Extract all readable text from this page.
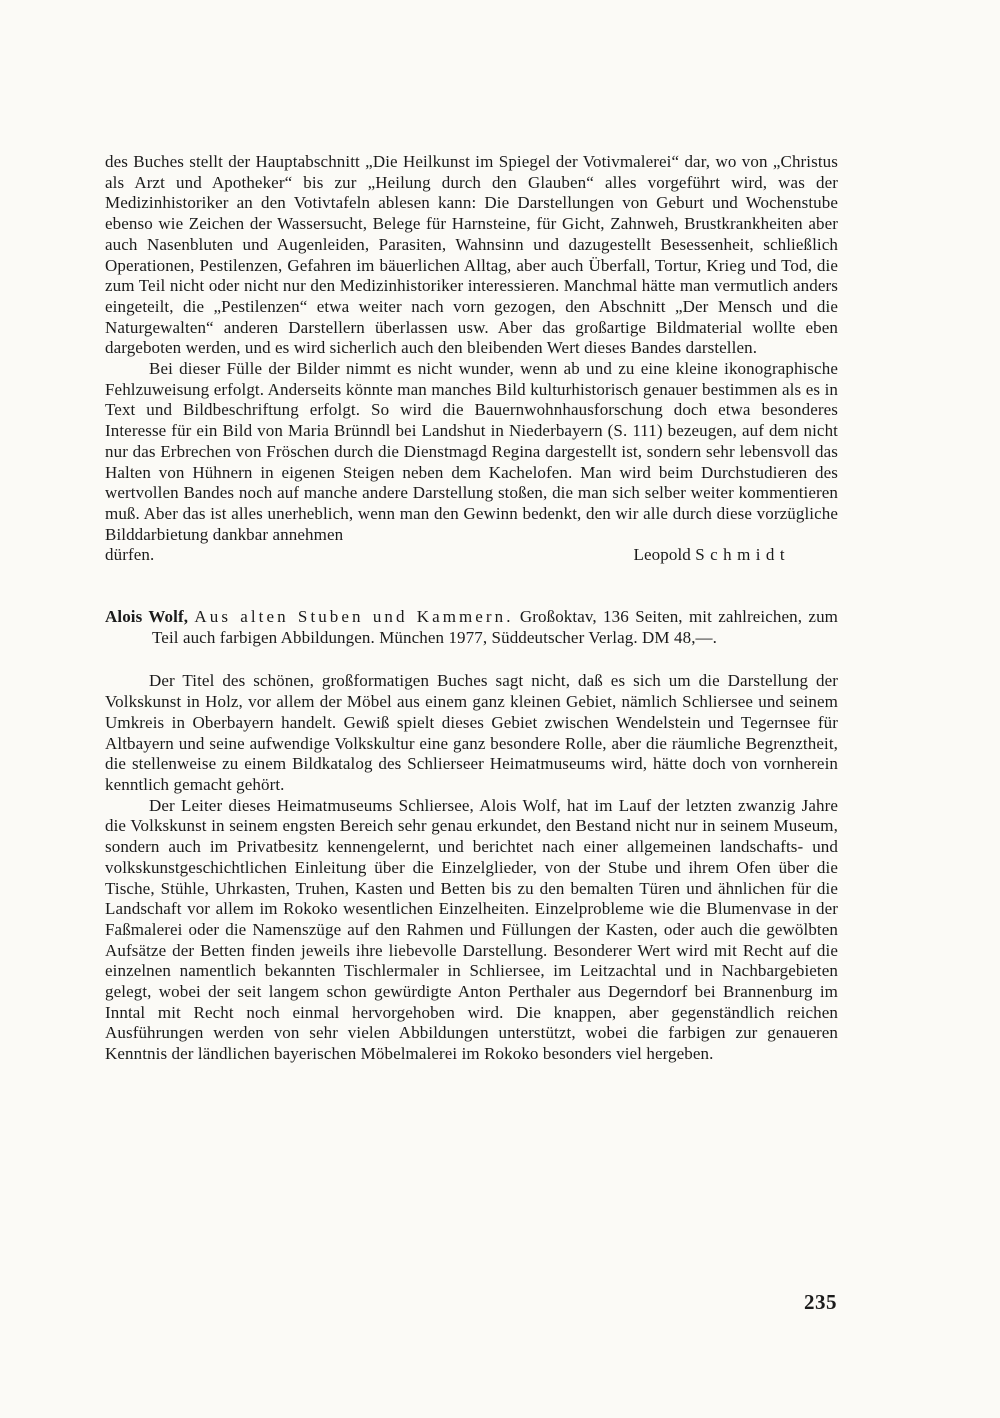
des Buches stellt der Hauptabschnitt „Die Heilkunst im Spiegel der Votivmalerei“ dar, wo von „Christus als Arzt und Apotheker“ bis zur „Heilung durch den Glauben“ alles vorgeführt wird, was der Medizinhistoriker an den Votivtafeln ablesen kann: Die Darstellungen von Geburt und Wochenstube ebenso wie Zeichen der Wassersucht, Belege für Harnsteine, für Gicht, Zahnweh, Brustkrankheiten aber auch Nasenbluten und Augenleiden, Parasiten, Wahnsinn und dazugestellt Besessenheit, schließlich Operationen, Pestilenzen, Gefahren im bäuerlichen Alltag, aber auch Überfall, Tortur, Krieg und Tod, die zum Teil nicht oder nicht nur den Medizinhistoriker interessieren. Manchmal hätte man vermutlich anders eingeteilt, die „Pestilenzen“ etwa weiter nach vorn gezogen, den Abschnitt „Der Mensch und die Naturgewalten“ anderen Darstellern überlassen usw. Aber das großartige Bildmaterial wollte eben dargeboten werden, und es wird sicherlich auch den bleibenden Wert dieses Bandes darstellen.

Bei dieser Fülle der Bilder nimmt es nicht wunder, wenn ab und zu eine kleine ikonographische Fehlzuweisung erfolgt. Anderseits könnte man manches Bild kulturhistorisch genauer bestimmen als es in Text und Bildbeschriftung erfolgt. So wird die Bauernwohnhausforschung doch etwa besonderes Interesse für ein Bild von Maria Brünndl bei Landshut in Niederbayern (S. 111) bezeugen, auf dem nicht nur das Erbrechen von Fröschen durch die Dienstmagd Regina dargestellt ist, sondern sehr lebensvoll das Halten von Hühnern in eigenen Steigen neben dem Kachelofen. Man wird beim Durchstudieren des wertvollen Bandes noch auf manche andere Darstellung stoßen, die man sich selber weiter kommentieren muß. Aber das ist alles unerheblich, wenn man den Gewinn bedenkt, den wir alle durch diese vorzügliche Bilddarbietung dankbar annehmen

dürfen.	Leopold Schmidt

Alois Wolf, Aus alten Stuben und Kammern. Großoktav, 136 Seiten, mit zahlreichen, zum Teil auch farbigen Abbildungen. München 1977, Süddeutscher Verlag. DM 48,—.

Der Titel des schönen, großformatigen Buches sagt nicht, daß es sich um die Darstellung der Volkskunst in Holz, vor allem der Möbel aus einem ganz kleinen Gebiet, nämlich Schliersee und seinem Umkreis in Oberbayern handelt. Gewiß spielt dieses Gebiet zwischen Wendelstein und Tegernsee für Altbayern und seine aufwendige Volkskultur eine ganz besondere Rolle, aber die räumliche Begrenztheit, die stellenweise zu einem Bildkatalog des Schlierseer Heimatmuseums wird, hätte doch von vornherein kenntlich gemacht gehört.

Der Leiter dieses Heimatmuseums Schliersee, Alois Wolf, hat im Lauf der letzten zwanzig Jahre die Volkskunst in seinem engsten Bereich sehr genau erkundet, den Bestand nicht nur in seinem Museum, sondern auch im Privatbesitz kennengelernt, und berichtet nach einer allgemeinen landschafts- und volkskunstgeschichtlichen Einleitung über die Einzelglieder, von der Stube und ihrem Ofen über die Tische, Stühle, Uhrkasten, Truhen, Kasten und Betten bis zu den bemalten Türen und ähnlichen für die Landschaft vor allem im Rokoko wesentlichen Einzelheiten. Einzelprobleme wie die Blumenvase in der Faßmalerei oder die Namenszüge auf den Rahmen und Füllungen der Kasten, oder auch die gewölbten Aufsätze der Betten finden jeweils ihre liebevolle Darstellung. Besonderer Wert wird mit Recht auf die einzelnen namentlich bekannten Tischlermaler in Schliersee, im Leitzachtal und in Nachbargebieten gelegt, wobei der seit langem schon gewürdigte Anton Perthaler aus Degerndorf bei Brannenburg im Inntal mit Recht noch einmal hervorgehoben wird. Die knappen, aber gegenständlich reichen Ausführungen werden von sehr vielen Abbildungen unterstützt, wobei die farbigen zur genaueren Kenntnis der ländlichen bayerischen Möbelmalerei im Rokoko besonders viel hergeben.

235
